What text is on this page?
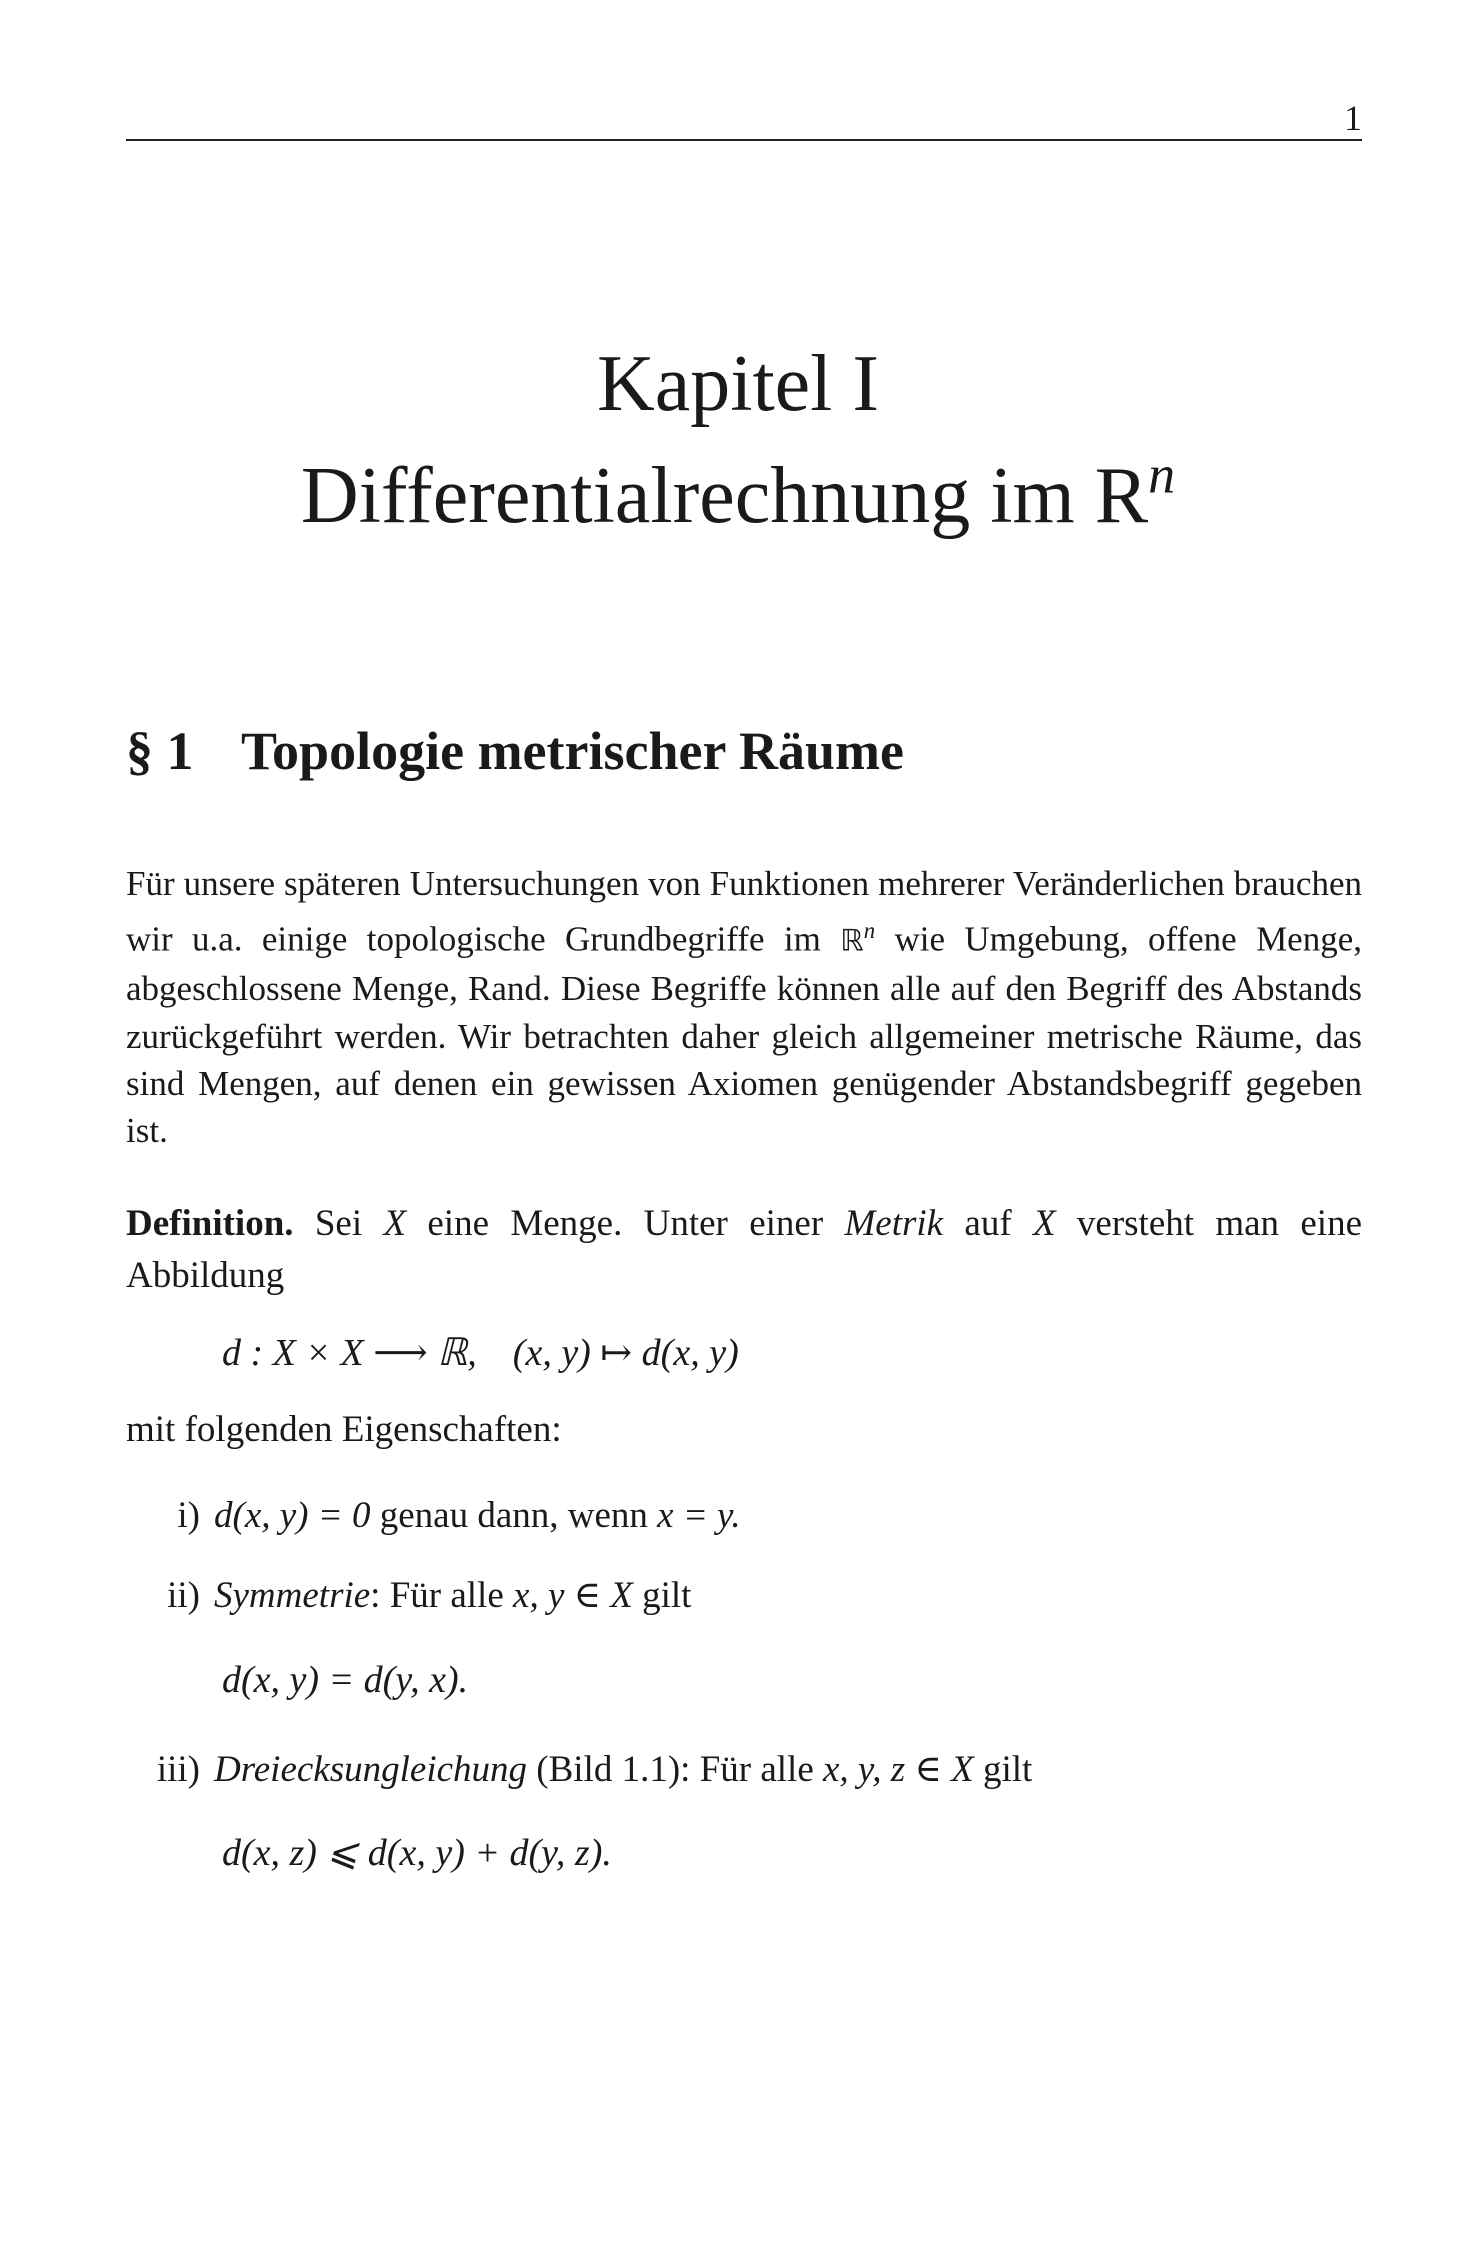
1
Kapitel I
Differentialrechnung im $R^n$
§ 1 Topologie metrischer Räume
Für unsere späteren Untersuchungen von Funktionen mehrerer Veränderlichen brauchen wir u.a. einige topologische Grundbegriffe im ℝ$^n$ wie Umgebung, offene Menge, abgeschlossene Menge, Rand. Diese Begriffe können alle auf den Begriff des Abstands zurückgeführt werden. Wir betrachten daher gleich allgemeiner metrische Räume, das sind Mengen, auf denen ein gewissen Axiomen genügender Abstandsbegriff gegeben ist.
Definition. Sei X eine Menge. Unter einer Metrik auf X versteht man eine Abbildung
d : X × X ⟶ ℝ, (x, y) ↦ d(x, y)
mit folgenden Eigenschaften:
i) d(x, y) = 0 genau dann, wenn x = y.
ii) Symmetrie: Für alle x, y ∈ X gilt
d(x, y) = d(y, x).
iii) Dreiecksungleichung (Bild 1.1): Für alle x, y, z ∈ X gilt
d(x, z) ⩽ d(x, y) + d(y, z).
